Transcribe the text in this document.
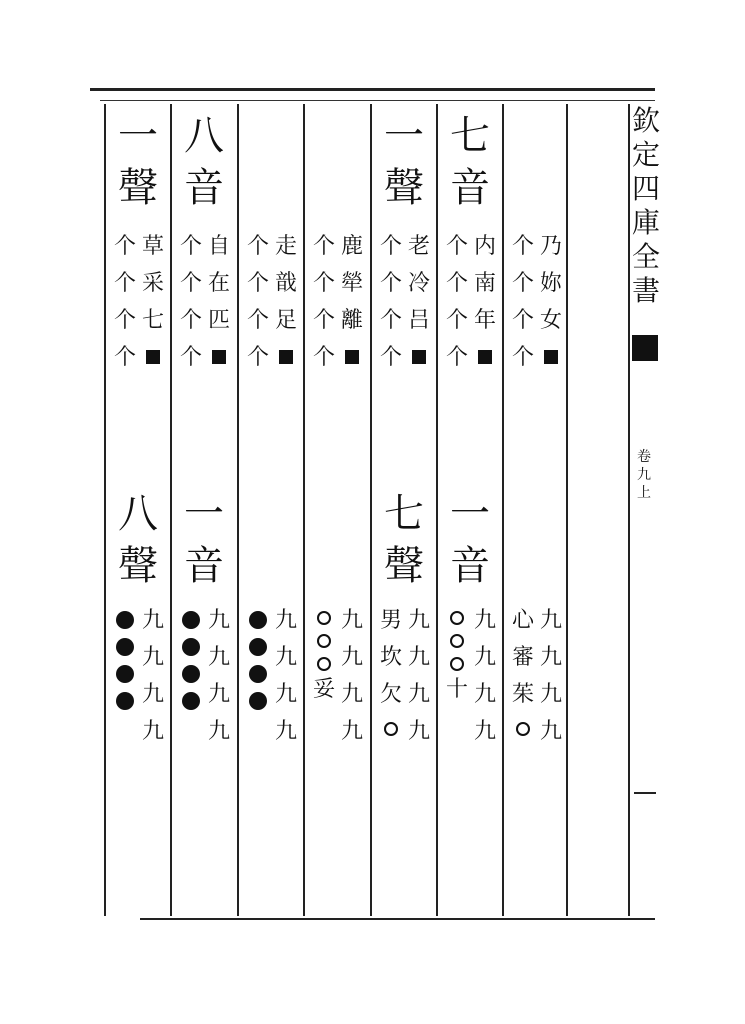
欽
定
四
庫
全
書
卷
九
上
一
聲
八
音
一
聲
七
音
八
聲
一
音
七
聲
一
音
个
个
个
个
草
采
七
个
个
个
个
自
在
匹
个
个
个
个
走
戠
足
个
个
个
个
鹿
犖
離
个
个
个
个
老
冷
吕
个
个
个
个
内
南
年
个
个
个
个
乃
妳
女
九
九
九
九
九
九
九
九
九
九
九
九
妥
九
九
九
九
男
坎
欠
九
九
九
九
十
九
九
九
九
心
審
茱
九
九
九
九
